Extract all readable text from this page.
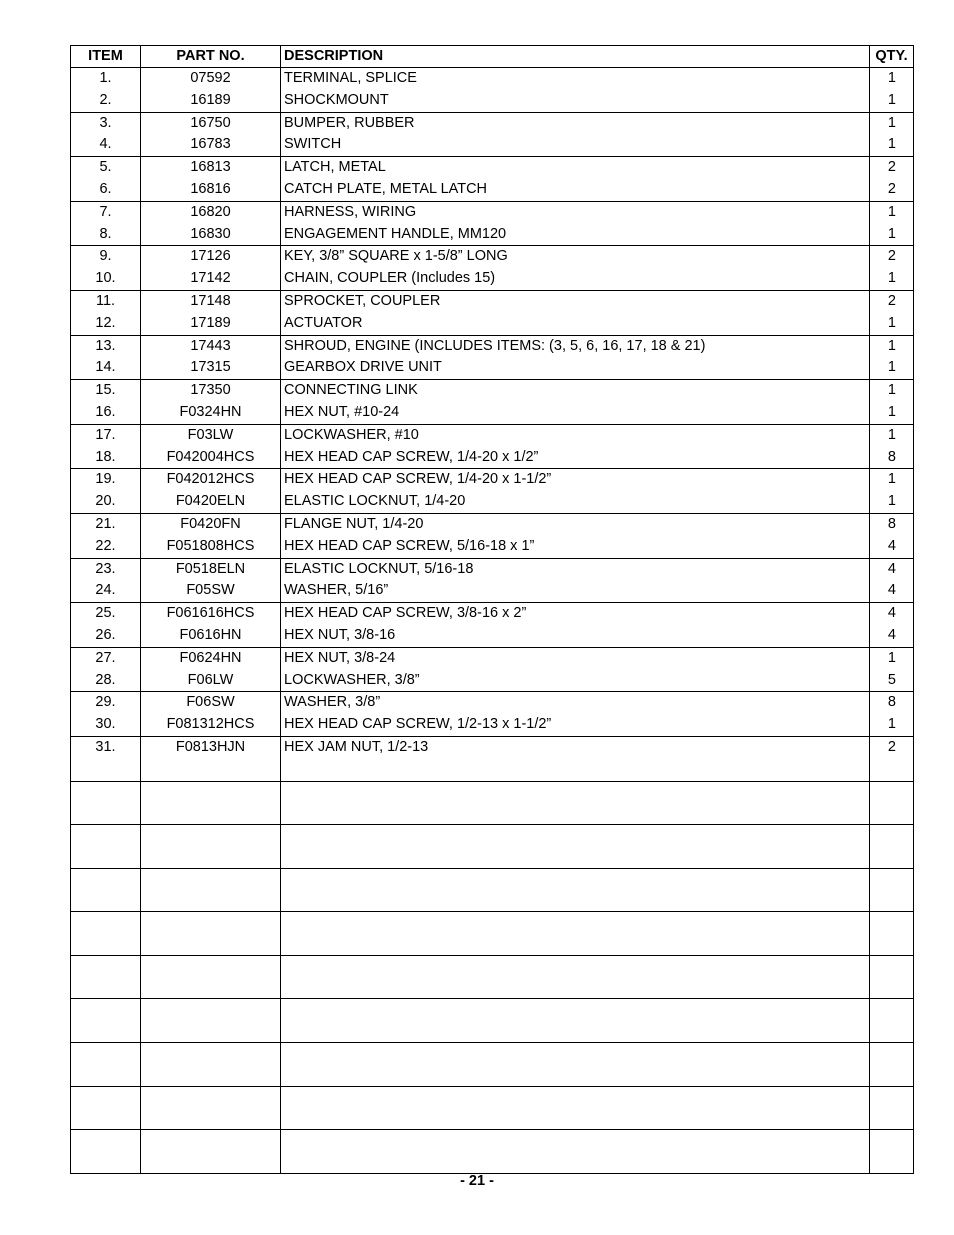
ITEM	PART NO.	DESCRIPTION	QTY.
1.	07592	TERMINAL, SPLICE	1
2.	16189	SHOCKMOUNT	1
3.	16750	BUMPER, RUBBER	1
4.	16783	SWITCH	1
5.	16813	LATCH, METAL	2
6.	16816	CATCH PLATE, METAL LATCH	2
7.	16820	HARNESS, WIRING	1
8.	16830	ENGAGEMENT HANDLE, MM120	1
9.	17126	KEY, 3/8” SQUARE x 1-5/8” LONG	2
10.	17142	CHAIN, COUPLER (Includes 15)	1
11.	17148	SPROCKET, COUPLER	2
12.	17189	ACTUATOR	1
13.	17443	SHROUD, ENGINE (INCLUDES ITEMS: (3, 5, 6, 16, 17, 18 & 21)	1
14.	17315	GEARBOX DRIVE UNIT	1
15.	17350	CONNECTING LINK	1
16.	F0324HN	HEX NUT, #10-24	1
17.	F03LW	LOCKWASHER, #10	1
18.	F042004HCS	HEX HEAD CAP SCREW, 1/4-20 x 1/2”	8
19.	F042012HCS	HEX HEAD CAP SCREW, 1/4-20 x 1-1/2”	1
20.	F0420ELN	ELASTIC LOCKNUT, 1/4-20	1
21.	F0420FN	FLANGE NUT, 1/4-20	8
22.	F051808HCS	HEX HEAD CAP SCREW, 5/16-18 x 1”	4
23.	F0518ELN	ELASTIC LOCKNUT, 5/16-18	4
24.	F05SW	WASHER, 5/16”	4
25.	F061616HCS	HEX HEAD CAP SCREW, 3/8-16 x 2”	4
26.	F0616HN	HEX NUT, 3/8-16	4
27.	F0624HN	HEX NUT, 3/8-24	1
28.	F06LW	LOCKWASHER, 3/8”	5
29.	F06SW	WASHER, 3/8”	8
30.	F081312HCS	HEX HEAD CAP SCREW, 1/2-13 x 1-1/2”	1
31.	F0813HJN	HEX JAM NUT, 1/2-13	2

- 21 -
